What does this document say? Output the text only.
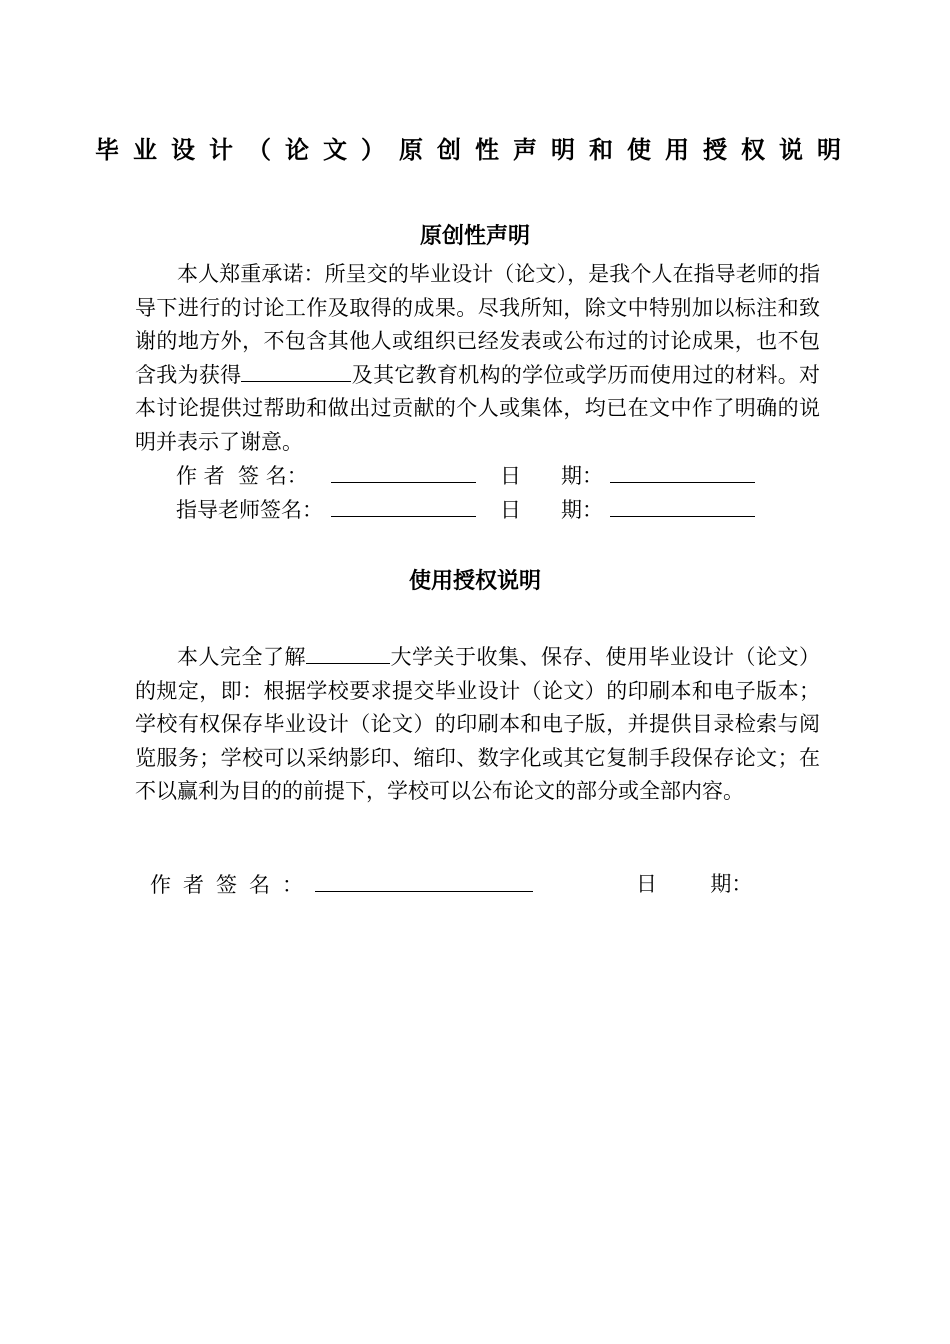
毕业设计（论文）原创性声明和使用授权说明
原创性声明
本人郑重承诺：所呈交的毕业设计（论文），是我个人在指导老师的指导下进行的讨论工作及取得的成果。尽我所知，除文中特别加以标注和致谢的地方外，不包含其他人或组织已经发表或公布过的讨论成果，也不包含我为获得	及其它教育机构的学位或学历而使用过的材料。对本讨论提供过帮助和做出过贡献的个人或集体，均已在文中作了明确的说明并表示了谢意。
作 者  签 名：	日      期：
指导老师签名：	日      期：
使用授权说明
本人完全了解	大学关于收集、保存、使用毕业设计（论文）的规定，即：根据学校要求提交毕业设计（论文）的印刷本和电子版本；学校有权保存毕业设计（论文）的印刷本和电子版，并提供目录检索与阅览服务；学校可以采纳影印、缩印、数字化或其它复制手段保存论文；在不以赢利为目的的前提下，学校可以公布论文的部分或全部内容。
作者签名：	日        期：
